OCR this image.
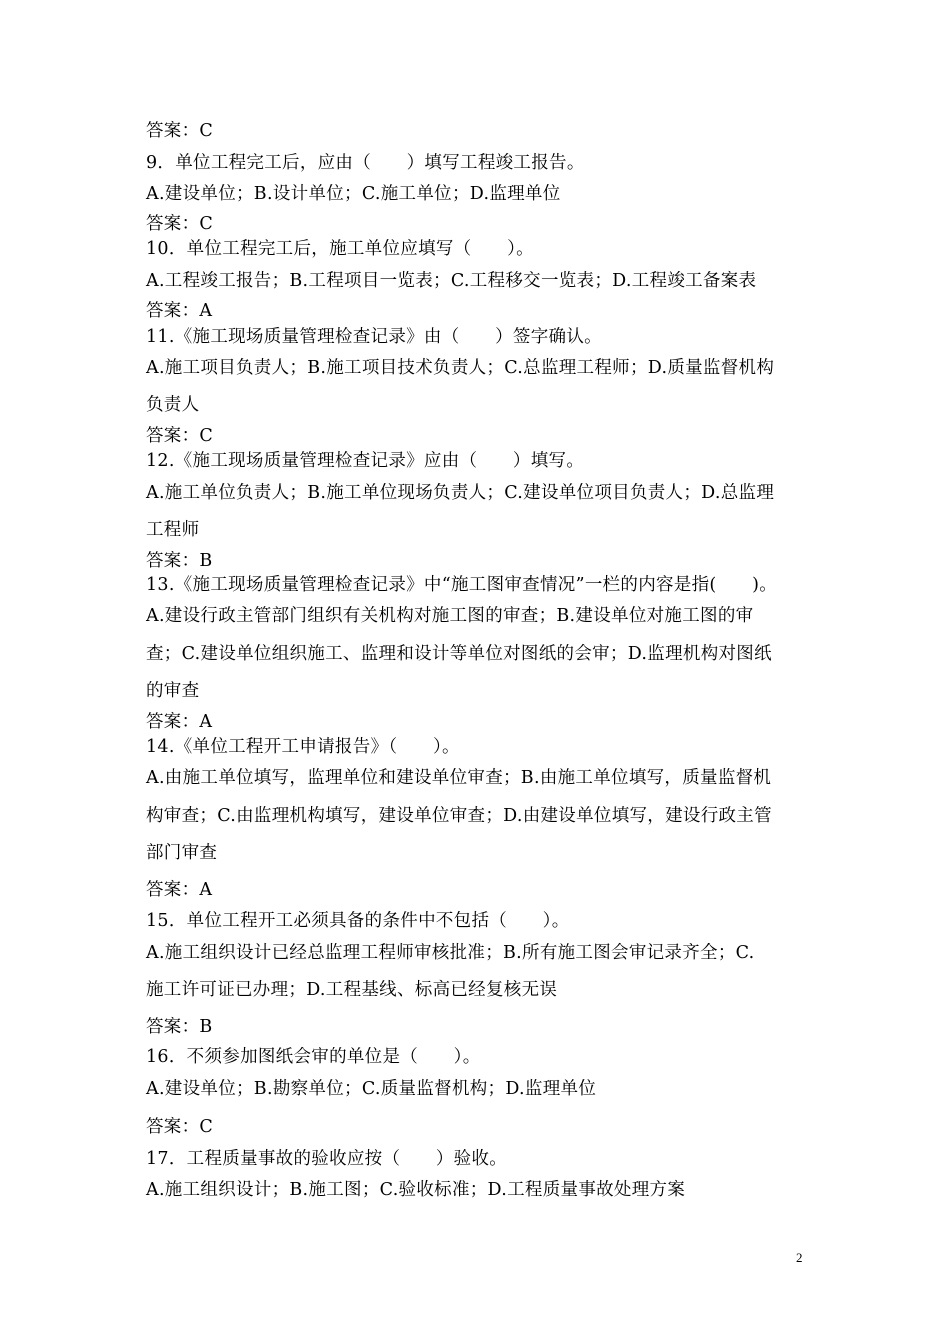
答案：C
9．单位工程完工后，应由（　　）填写工程竣工报告。
A.建设单位；B.设计单位；C.施工单位；D.监理单位
答案：C
10．单位工程完工后，施工单位应填写（　　）。
A.工程竣工报告；B.工程项目一览表；C.工程移交一览表；D.工程竣工备案表
答案：A
11.《施工现场质量管理检查记录》由（　　）签字确认。
A.施工项目负责人；B.施工项目技术负责人；C.总监理工程师；D.质量监督机构
负责人
答案：C
12.《施工现场质量管理检查记录》应由（　　）填写。
A.施工单位负责人；B.施工单位现场负责人；C.建设单位项目负责人；D.总监理
工程师
答案：B
13.《施工现场质量管理检查记录》中“施工图审查情况”一栏的内容是指(　　)。
A.建设行政主管部门组织有关机构对施工图的审查；B.建设单位对施工图的审
查；C.建设单位组织施工、监理和设计等单位对图纸的会审；D.监理机构对图纸
的审查
答案：A
14.《单位工程开工申请报告》（　　）。
A.由施工单位填写，监理单位和建设单位审查；B.由施工单位填写，质量监督机
构审查；C.由监理机构填写，建设单位审查；D.由建设单位填写，建设行政主管
部门审查
答案：A
15．单位工程开工必须具备的条件中不包括（　　）。
A.施工组织设计已经总监理工程师审核批准；B.所有施工图会审记录齐全；C.
施工许可证已办理；D.工程基线、标高已经复核无误
答案：B
16．不须参加图纸会审的单位是（　　）。
A.建设单位；B.勘察单位；C.质量监督机构；D.监理单位
答案：C
17．工程质量事故的验收应按（　　）验收。
A.施工组织设计；B.施工图；C.验收标准；D.工程质量事故处理方案
2
